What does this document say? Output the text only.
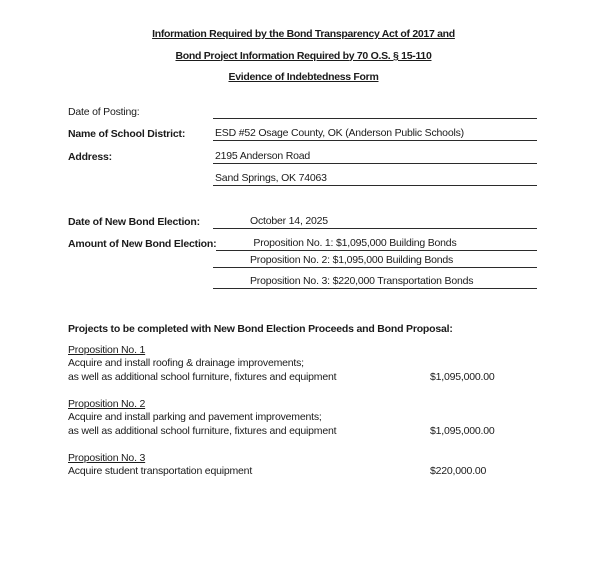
Information Required by the Bond Transparency Act of 2017 and
Bond Project Information Required by 70 O.S. § 15-110
Evidence of Indebtedness Form
Date of Posting:
Name of School District:	ESD #52 Osage County, OK (Anderson Public Schools)
Address:	2195 Anderson Road
Sand Springs, OK 74063
Date of New Bond Election:	October 14, 2025
Amount of New Bond Election:	Proposition No. 1: $1,095,000 Building Bonds
Proposition No. 2: $1,095,000 Building Bonds
Proposition No. 3: $220,000 Transportation Bonds
Projects to be completed with New Bond Election Proceeds and Bond Proposal:
Proposition No. 1
Acquire and install roofing & drainage improvements;
as well as additional school furniture, fixtures and equipment	$1,095,000.00
Proposition No. 2
Acquire and install parking and pavement improvements;
as well as additional school furniture, fixtures and equipment	$1,095,000.00
Proposition No. 3
Acquire student transportation equipment	$220,000.00
